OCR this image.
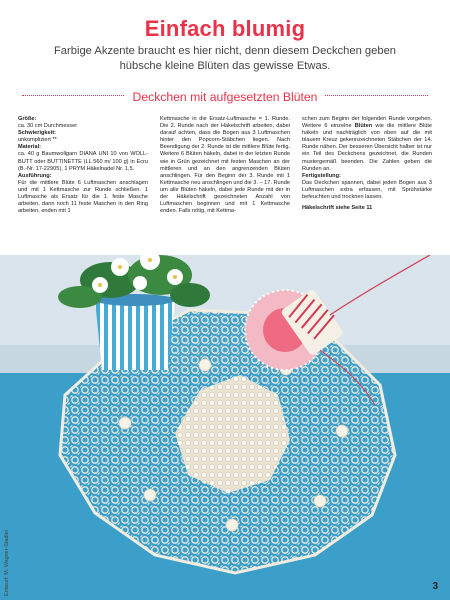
Einfach blumig
Farbige Akzente braucht es hier nicht, denn diesem Deckchen geben hübsche kleine Blüten das gewisse Etwas.
Deckchen mit aufgesetzten Blüten

Größe:

ca. 30 cm Durchmesser

Schwierigkeit:

unkompliziert **

Material:

ca. 40 g Baumwollgarn DIANA UNI 10 von WOLL-BUTT oder BUTTINETTE (LL 560 m/ 100 g) in Ecru (B.-Nr. 17-22905), 1 PRYM Häkelnadel Nr. 1,5.

Ausführung:

Für die mittlere Blüte 6 Luftmaschen anschlagen und mit 1 Kettmasche zur Runde schließen. 1 Luftmasche als Ersatz für die 1. feste Masche arbeiten, dann noch 11 feste Maschen in den Ring arbeiten, enden mit 1

Kettmasche in die Ersatz-Luftmasche = 1. Runde. Die 2. Runde nach der Häkelschrift arbeiten, dabei darauf achten, dass die Bogen aus 3 Luftmaschen hinter den Popcorn-Stäbchen liegen. Nach Beendigung der 2. Runde ist die mittlere Blüte fertig. Weitere 6 Blüten häkeln, dabei in der letzten Runde wie in Grün gezeichnet mit festen Maschen an der mittleren und an den angrenzenden Blüten anschlingen. Für den Beginn der 3. Runde mit 1 Kettmasche neu anschlingen und die 3. – 17. Runde um alle Blüten häkeln, dabei jede Runde mit der in der Häkelschrift gezeichneten Anzahl von Luftmaschen beginnen und mit 1 Kettmasche enden. Falls nötig, mit Kettma-

schen zum Beginn der folgenden Runde vorgehen. Weitere 6 einzelne Blüten wie die mittlere Blüte häkeln und nachträglich von oben auf die mit blauem Kreuz gekennzeichneten Stäbchen der 14. Runde nähen. Der besseren Übersicht halber ist nur ein Teil des Deckchens gezeichnet, die Runden mustergemäß beenden. Die Zahlen geben die Runden an.

Fertigstellung:

Das Deckchen spannen, dabei jeden Bogen aus 3 Luftmaschen extra erfassen, mit Sprühstärke befeuchten und trocknen lassen.

Häkelschrift siehe Seite 11

Entwurf: M. Wagner-Stadler	3
